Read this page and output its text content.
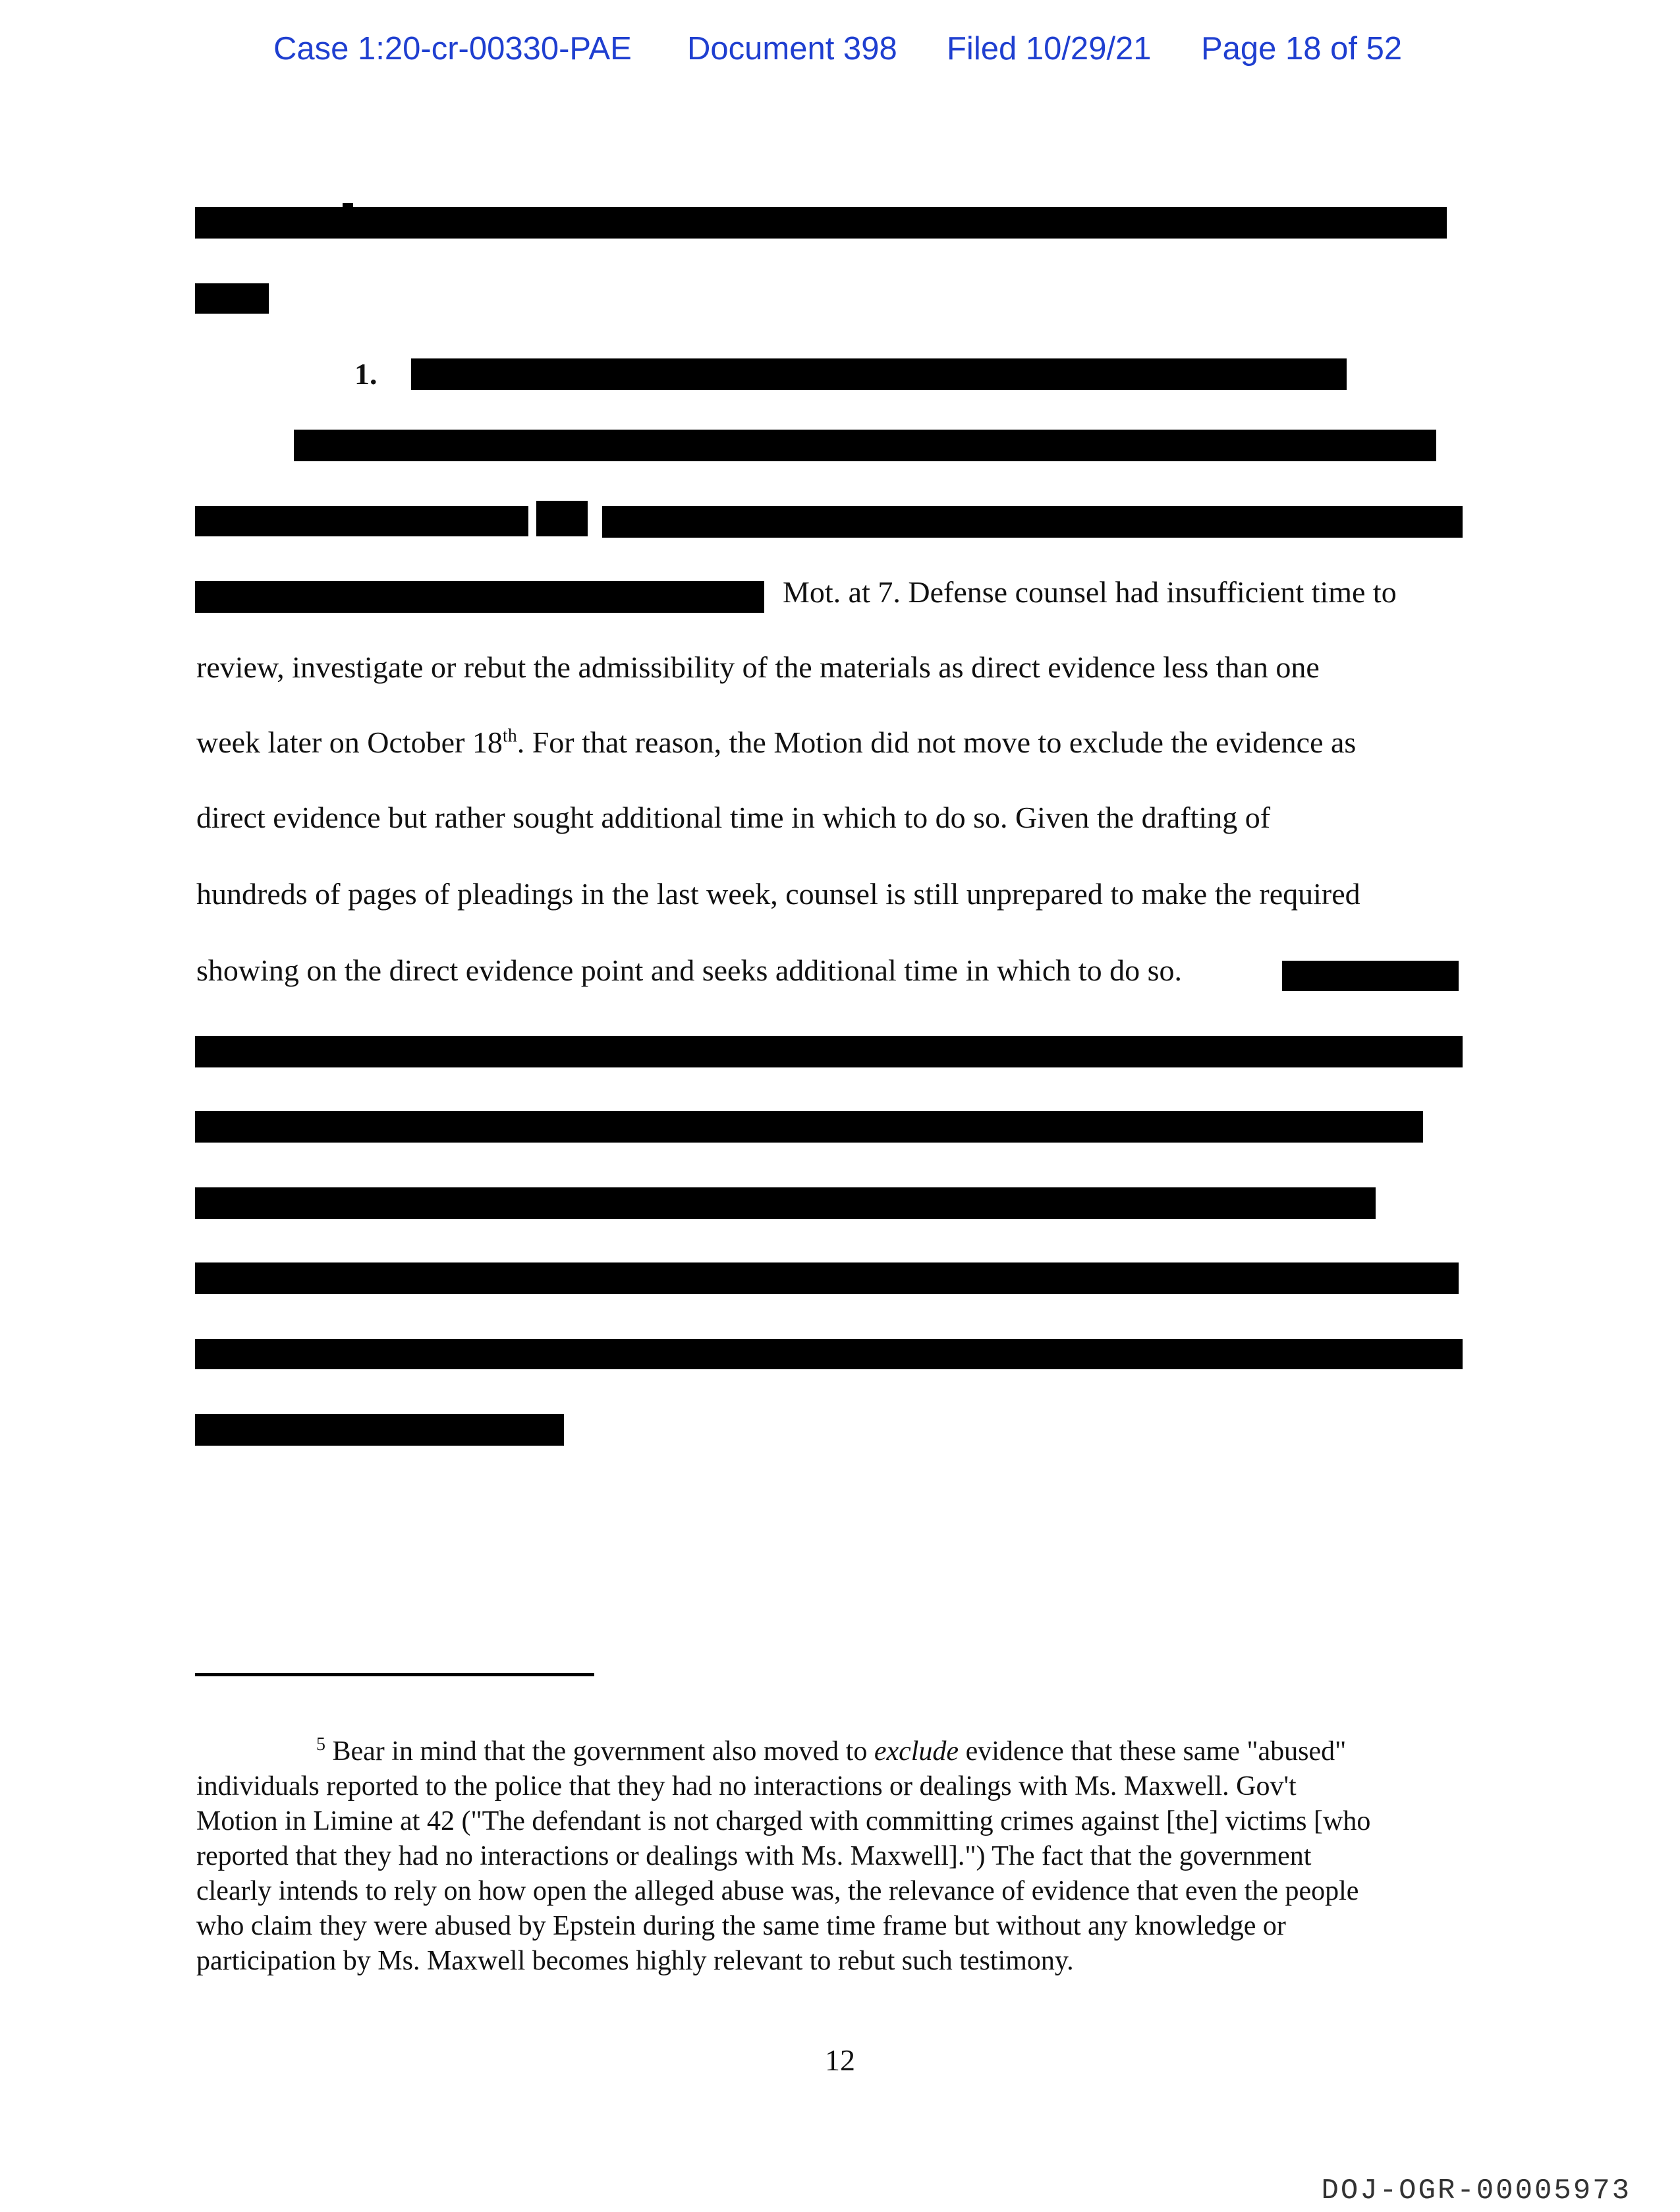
Case 1:20-cr-00330-PAE Document 398 Filed 10/29/21 Page 18 of 52
1.
Mot. at 7. Defense counsel had insufficient time to
review, investigate or rebut the admissibility of the materials as direct evidence less than one
week later on October 18th. For that reason, the Motion did not move to exclude the evidence as
direct evidence but rather sought additional time in which to do so. Given the drafting of
hundreds of pages of pleadings in the last week, counsel is still unprepared to make the required
showing on the direct evidence point and seeks additional time in which to do so.
$^5$ Bear in mind that the government also moved to exclude evidence that these same "abused"
individuals reported to the police that they had no interactions or dealings with Ms. Maxwell. Gov't
Motion in Limine at 42 ("The defendant is not charged with committing crimes against [the] victims [who
reported that they had no interactions or dealings with Ms. Maxwell].") The fact that the government
clearly intends to rely on how open the alleged abuse was, the relevance of evidence that even the people
who claim they were abused by Epstein during the same time frame but without any knowledge or
participation by Ms. Maxwell becomes highly relevant to rebut such testimony.
12
DOJ-OGR-00005973
